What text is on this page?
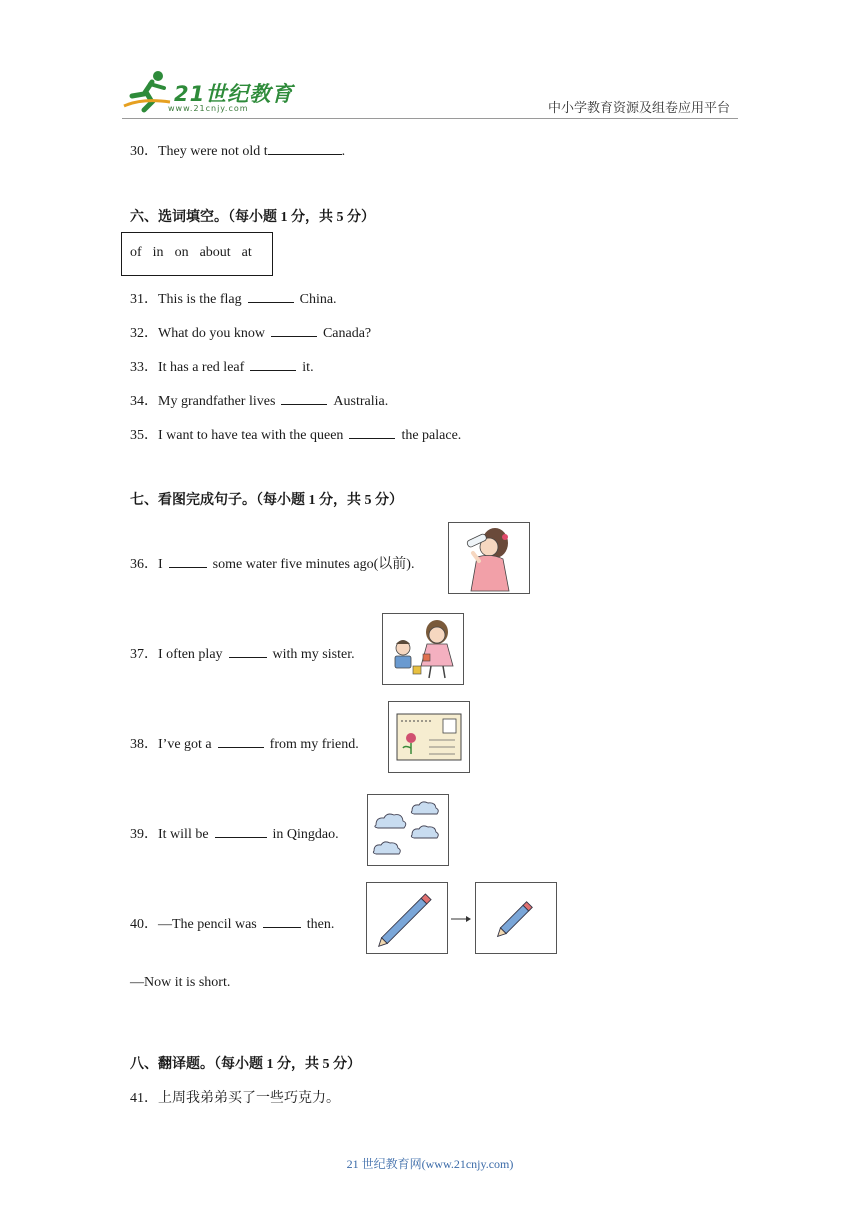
21世纪教育
www.21cnjy.com	中小学教育资源及组卷应用平台
30．They were not old t	.
六、选词填空。（每小题 1 分，共 5 分）
of in on about at
31．This is the flag	China.
32．What do you know	Canada?
33．It has a red leaf	it.
34．My grandfather lives	Australia.
35．I want to have tea with the queen	the palace.
七、看图完成句子。（每小题 1 分，共 5 分）
36．I	some water five minutes ago(以前).
37．I often play	with my sister.
38．I’ve got a	from my friend.
39．It will be	in Qingdao.
40．—The pencil was	then.
—Now it is short.
八、翻译题。（每小题 1 分，共 5 分）
41．上周我弟弟买了一些巧克力。
21 世纪教育网(www.21cnjy.com)
